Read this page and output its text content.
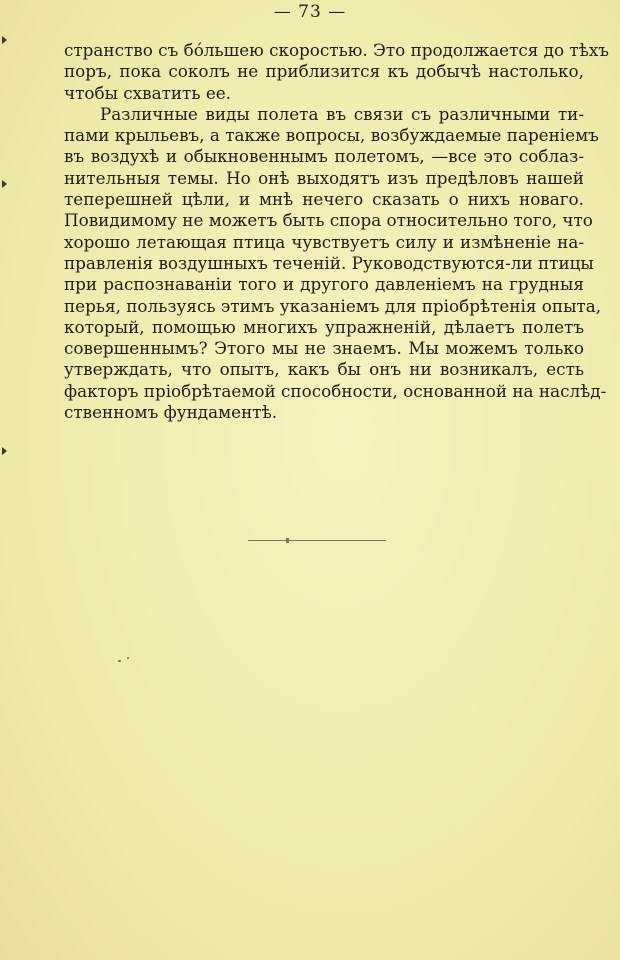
— 73 —
странство съ бо́льшею скоростью. Это продолжается до тѣхъ
поръ, пока соколъ не приблизится къ добычѣ настолько,
чтобы схватить ее.
Различные виды полета въ связи съ различными ти-
пами крыльевъ, а также вопросы, возбуждаемые пареніемъ
въ воздухѣ и обыкновеннымъ полетомъ, —все это соблаз-
нительныя темы. Но онѣ выходятъ изъ предѣловъ нашей
теперешней цѣли, и мнѣ нечего сказать о нихъ новаго.
Повидимому не можетъ быть спора относительно того, что
хорошо летающая птица чувствуетъ силу и измѣненіе на-
правленія воздушныхъ теченій. Руководствуются-ли птицы
при распознаваніи того и другого давленіемъ на грудныя
перья, пользуясь этимъ указаніемъ для пріобрѣтенія опыта,
который, помощью многихъ упражненій, дѣлаетъ полетъ
совершеннымъ? Этого мы не знаемъ. Мы можемъ только
утверждать, что опытъ, какъ бы онъ ни возникалъ, есть
факторъ пріобрѣтаемой способности, основанной на наслѣд-
ственномъ фундаментѣ.
